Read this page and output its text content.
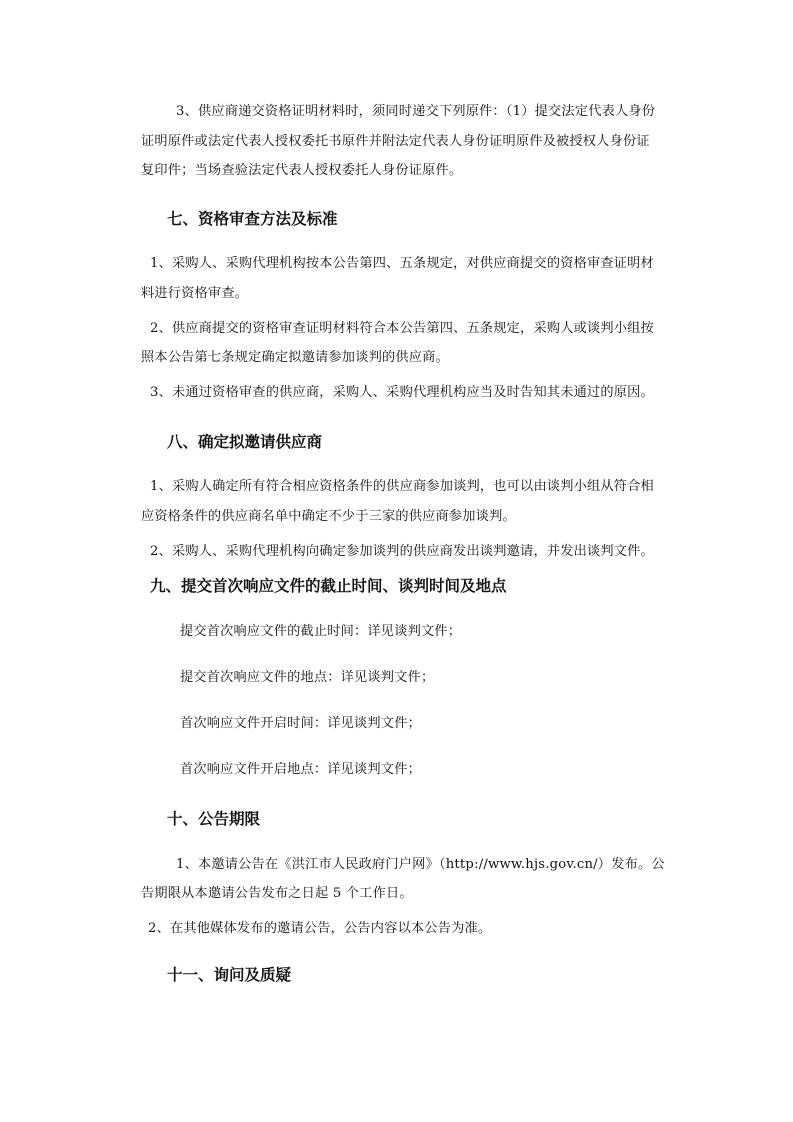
3、供应商递交资格证明材料时，须同时递交下列原件：（1）提交法定代表人身份
证明原件或法定代表人授权委托书原件并附法定代表人身份证明原件及被授权人身份证
复印件；当场查验法定代表人授权委托人身份证原件。
七、资格审查方法及标准
1、采购人、采购代理机构按本公告第四、五条规定，对供应商提交的资格审查证明材
料进行资格审查。
2、供应商提交的资格审查证明材料符合本公告第四、五条规定，采购人或谈判小组按
照本公告第七条规定确定拟邀请参加谈判的供应商。
3、未通过资格审查的供应商，采购人、采购代理机构应当及时告知其未通过的原因。
八、确定拟邀请供应商
1、采购人确定所有符合相应资格条件的供应商参加谈判，也可以由谈判小组从符合相
应资格条件的供应商名单中确定不少于三家的供应商参加谈判。
2、采购人、采购代理机构向确定参加谈判的供应商发出谈判邀请，并发出谈判文件。
九、提交首次响应文件的截止时间、谈判时间及地点
提交首次响应文件的截止时间：详见谈判文件；
提交首次响应文件的地点：详见谈判文件；
首次响应文件开启时间：详见谈判文件；
首次响应文件开启地点：详见谈判文件；
十、公告期限
1、本邀请公告在《洪江市人民政府门户网》（http://www.hjs.gov.cn/）发布。公
告期限从本邀请公告发布之日起 5 个工作日。
2、在其他媒体发布的邀请公告，公告内容以本公告为准。
十一、询问及质疑
